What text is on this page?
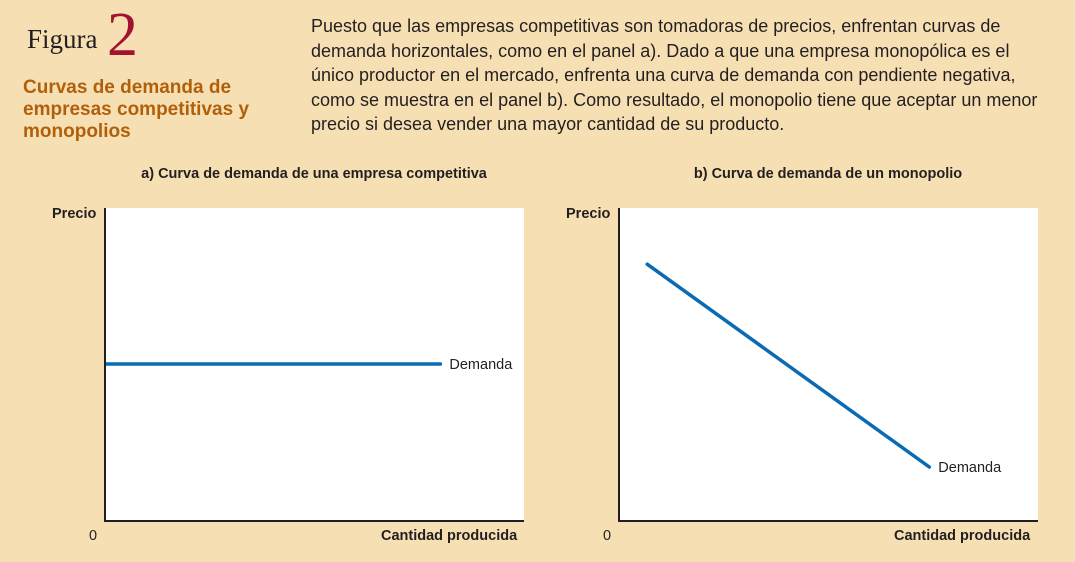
Figura 2
Curvas de demanda de empresas competitivas y monopolios
Puesto que las empresas competitivas son tomadoras de precios, enfrentan curvas de demanda horizontales, como en el panel a). Dado a que una empresa monopólica es el único productor en el mercado, enfrenta una curva de demanda con pendiente negativa, como se muestra en el panel b). Como resultado, el monopolio tiene que aceptar un menor precio si desea vender una mayor cantidad de su producto.
a) Curva de demanda de una empresa competitiva
Precio
0	Cantidad producida
Demanda
b) Curva de demanda de un monopolio
Precio
0	Cantidad producida
Demanda
